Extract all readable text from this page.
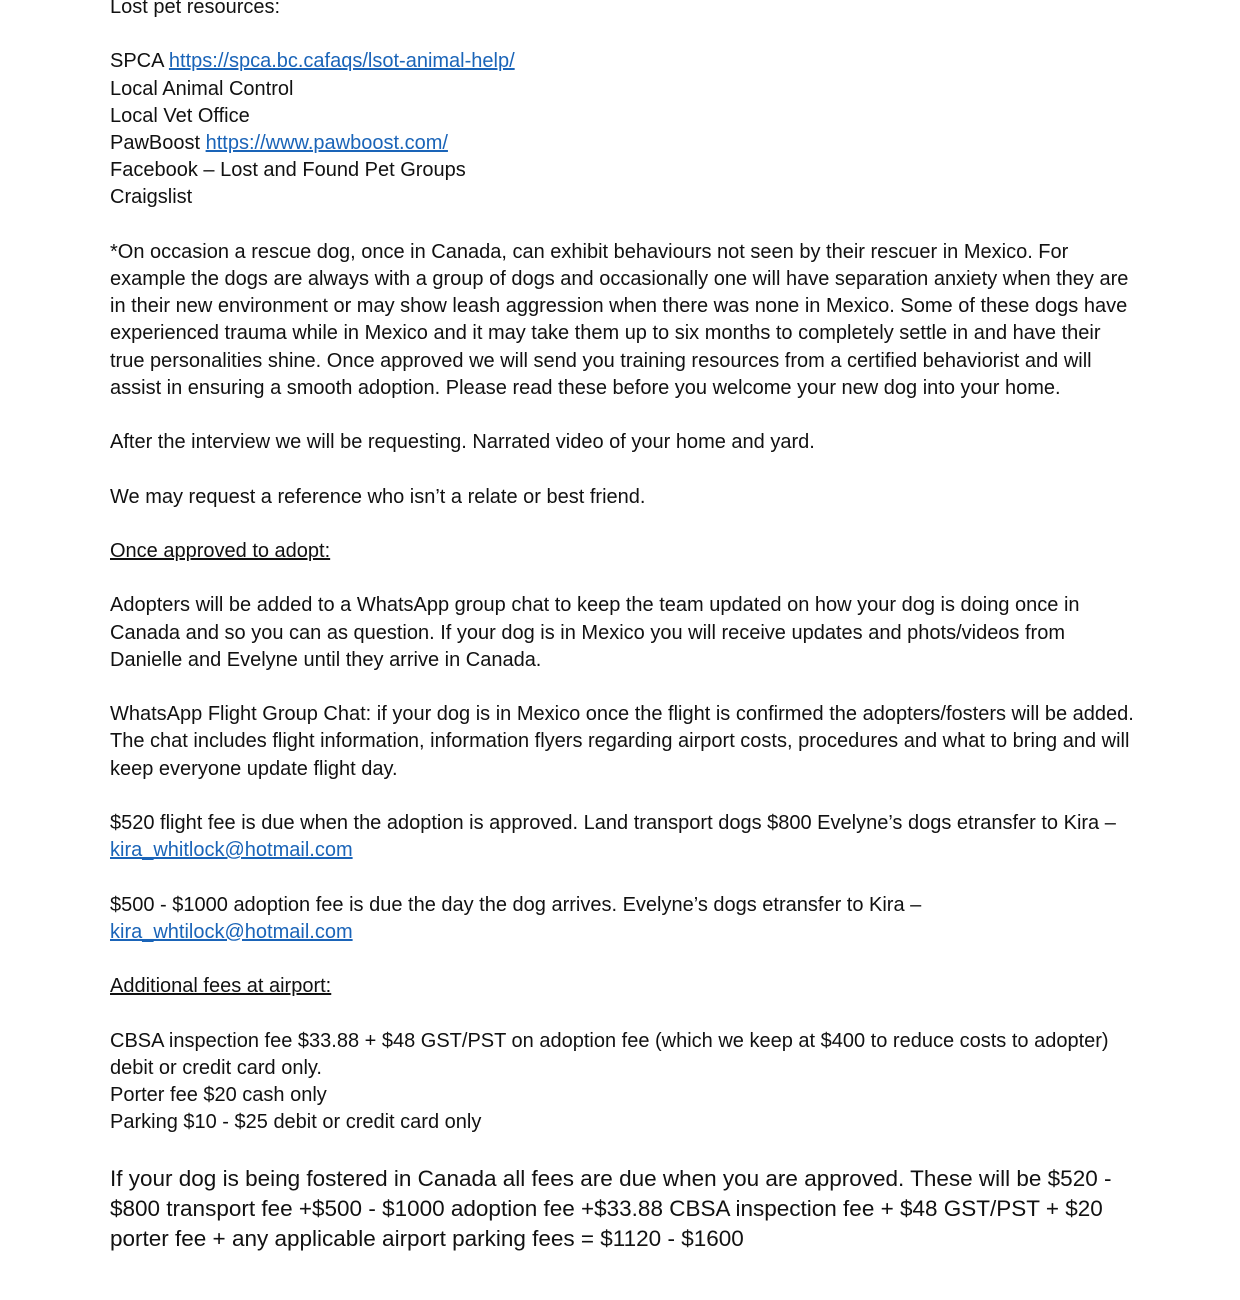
Lost pet resources:

SPCA https://spca.bc.cafaqs/lsot-animal-help/

Local Animal Control

Local Vet Office

PawBoost https://www.pawboost.com/

Facebook – Lost and Found Pet Groups

Craigslist

*On occasion a rescue dog, once in Canada, can exhibit behaviours not seen by their rescuer in Mexico. For example the dogs are always with a group of dogs and occasionally one will have separation anxiety when they are in their new environment or may show leash aggression when there was none in Mexico. Some of these dogs have experienced trauma while in Mexico and it may take them up to six months to completely settle in and have their true personalities shine. Once approved we will send you training resources from a certified behaviorist and will assist in ensuring a smooth adoption. Please read these before you welcome your new dog into your home.

After the interview we will be requesting. Narrated video of your home and yard.

We may request a reference who isn’t a relate or best friend.

Once approved to adopt:

Adopters will be added to a WhatsApp group chat to keep the team updated on how your dog is doing once in Canada and so you can as question. If your dog is in Mexico you will receive updates and phots/videos from Danielle and Evelyne until they arrive in Canada.

WhatsApp Flight Group Chat: if your dog is in Mexico once the flight is confirmed the adopters/fosters will be added. The chat includes flight information, information flyers regarding airport costs, procedures and what to bring and will keep everyone update flight day.

$520 flight fee is due when the adoption is approved. Land transport dogs $800 Evelyne’s dogs etransfer to Kira –

kira_whitlock@hotmail.com

$500 - $1000 adoption fee is due the day the dog arrives. Evelyne’s dogs etransfer to Kira –

kira_whtilock@hotmail.com

Additional fees at airport:

CBSA inspection fee $33.88 + $48 GST/PST on adoption fee (which we keep at $400 to reduce costs to adopter) debit or credit card only.

Porter fee $20 cash only

Parking $10 - $25 debit or credit card only

If your dog is being fostered in Canada all fees are due when you are approved. These will be $520 - $800 transport fee +$500 - $1000 adoption fee +$33.88 CBSA inspection fee + $48 GST/PST + $20 porter fee + any applicable airport parking fees = $1120 - $1600
